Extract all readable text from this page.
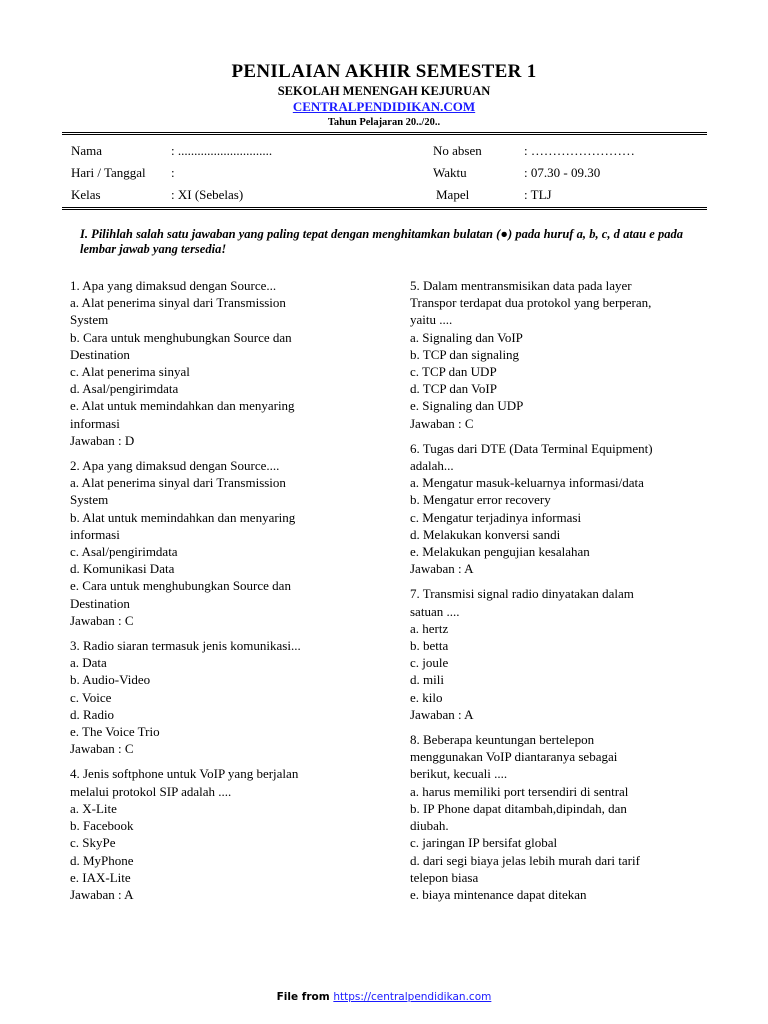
PENILAIAN AKHIR SEMESTER 1
SEKOLAH MENENGAH KEJURUAN
CENTRALPENDIDIKAN.COM
Tahun Pelajaran 20../20..
Nama	: .............................	No absen	: ……………………
Hari / Tanggal :	Waktu	: 07.30 - 09.30
Kelas	: XI (Sebelas)	Mapel	: TLJ
I. Pilihlah salah satu jawaban yang paling tepat dengan menghitamkan bulatan (●) pada huruf a, b, c, d atau e pada lembar jawab yang tersedia!
1. Apa yang dimaksud dengan Source...
a. Alat penerima sinyal dari Transmission
System
b. Cara untuk menghubungkan Source dan
Destination
c. Alat penerima sinyal
d. Asal/pengirimdata
e. Alat untuk memindahkan dan menyaring
informasi
Jawaban : D
2. Apa yang dimaksud dengan Source....
a. Alat penerima sinyal dari Transmission
System
b. Alat untuk memindahkan dan menyaring
informasi
c. Asal/pengirimdata
d. Komunikasi Data
e. Cara untuk menghubungkan Source dan
Destination
Jawaban : C
3. Radio siaran termasuk jenis komunikasi...
a. Data
b. Audio-Video
c. Voice
d. Radio
e. The Voice Trio
Jawaban : C
4. Jenis softphone untuk VoIP yang berjalan
melalui protokol SIP adalah ....
a. X-Lite
b. Facebook
c. SkyPe
d. MyPhone
e. IAX-Lite
Jawaban : A
5. Dalam mentransmisikan data pada layer
Transpor terdapat dua protokol yang berperan,
yaitu ....
a. Signaling dan VoIP
b. TCP dan signaling
c. TCP dan UDP
d. TCP dan VoIP
e. Signaling dan UDP
Jawaban : C
6. Tugas dari DTE (Data Terminal Equipment)
adalah...
a. Mengatur masuk-keluarnya informasi/data
b. Mengatur error recovery
c. Mengatur terjadinya informasi
d. Melakukan konversi sandi
e. Melakukan pengujian kesalahan
Jawaban : A
7. Transmisi signal radio dinyatakan dalam
satuan ....
a. hertz
b. betta
c. joule
d. mili
e. kilo
Jawaban : A
8. Beberapa keuntungan bertelepon
menggunakan VoIP diantaranya sebagai
berikut, kecuali ....
a. harus memiliki port tersendiri di sentral
b. IP Phone dapat ditambah,dipindah, dan
diubah.
c. jaringan IP bersifat global
d. dari segi biaya jelas lebih murah dari tarif
telepon biasa
e. biaya mintenance dapat ditekan
File from https://centralpendidikan.com
